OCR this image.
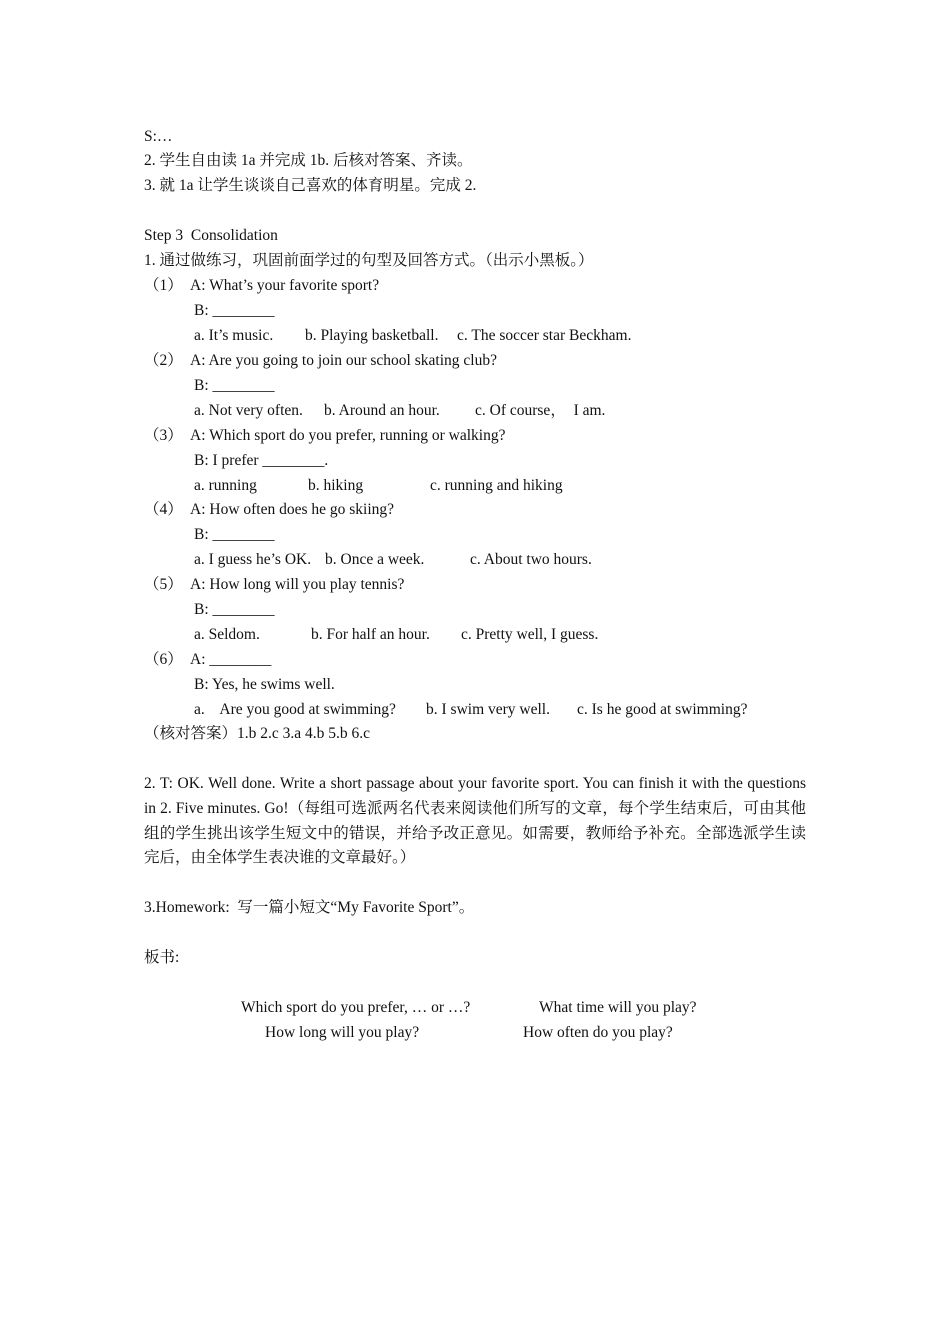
S:…
2. 学生自由读 1a 并完成 1b. 后核对答案、齐读。
3. 就 1a 让学生谈谈自己喜欢的体育明星。完成 2.
Step 3  Consolidation
1. 通过做练习，巩固前面学过的句型及回答方式。（出示小黑板。）
（1） A: What’s your favorite sport?
B: ________
a. It’s music. b. Playing basketball. c. The soccer star Beckham.
（2） A: Are you going to join our school skating club?
B: ________
a. Not very often. b. Around an hour. c. Of course，  I am.
（3） A: Which sport do you prefer, running or walking?
B: I prefer ________.
a. running	b. hiking	c. running and hiking
（4） A: How often does he go skiing?
B: ________
a. I guess he’s OK. b. Once a week.	c. About two hours.
（5） A: How long will you play tennis?
B: ________
a. Seldom.	b. For half an hour. c. Pretty well, I guess.
（6） A: ________
B: Yes, he swims well.
a.    Are you good at swimming? b. I swim very well. c. Is he good at swimming?
（核对答案）1.b 2.c 3.a 4.b 5.b 6.c
2. T: OK. Well done. Write a short passage about your favorite sport. You can finish it with the questions in 2. Five minutes. Go!（每组可选派两名代表来阅读他们所写的文章，每个学生结束后，可由其他组的学生挑出该学生短文中的错误，并给予改正意见。如需要，教师给予补充。全部选派学生读完后，由全体学生表决谁的文章最好。）
3.Homework:  写一篇小短文“My Favorite Sport”。
板书:
Which sport do you prefer, … or …?	What time will you play?
How long will you play?	How often do you play?
